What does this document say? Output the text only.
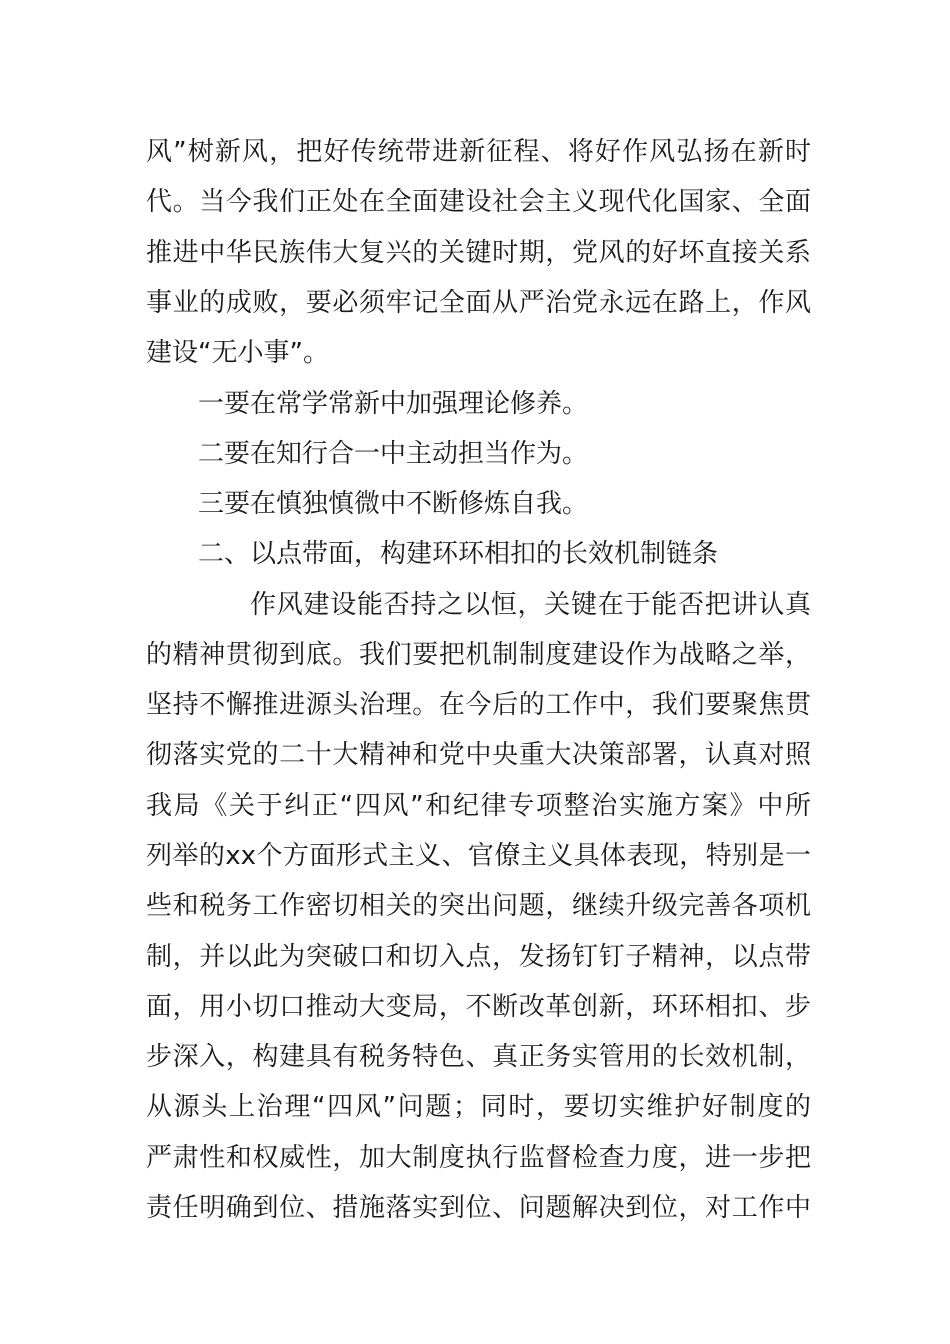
风”树新风，把好传统带进新征程、将好作风弘扬在新时
代。当今我们正处在全面建设社会主义现代化国家、全面
推进中华民族伟大复兴的关键时期，党风的好坏直接关系
事业的成败，要必须牢记全面从严治党永远在路上，作风
建设“无小事”。
一要在常学常新中加强理论修养。
二要在知行合一中主动担当作为。
三要在慎独慎微中不断修炼自我。
二、以点带面，构建环环相扣的长效机制链条
作风建设能否持之以恒，关键在于能否把讲认真
的精神贯彻到底。我们要把机制制度建设作为战略之举，
坚持不懈推进源头治理。在今后的工作中，我们要聚焦贯
彻落实党的二十大精神和党中央重大决策部署，认真对照
我局《关于纠正“四风”和纪律专项整治实施方案》中所
列举的xx个方面形式主义、官僚主义具体表现，特别是一
些和税务工作密切相关的突出问题，继续升级完善各项机
制，并以此为突破口和切入点，发扬钉钉子精神，以点带
面，用小切口推动大变局，不断改革创新，环环相扣、步
步深入，构建具有税务特色、真正务实管用的长效机制，
从源头上治理“四风”问题；同时，要切实维护好制度的
严肃性和权威性，加大制度执行监督检查力度，进一步把
责任明确到位、措施落实到位、问题解决到位，对工作中
